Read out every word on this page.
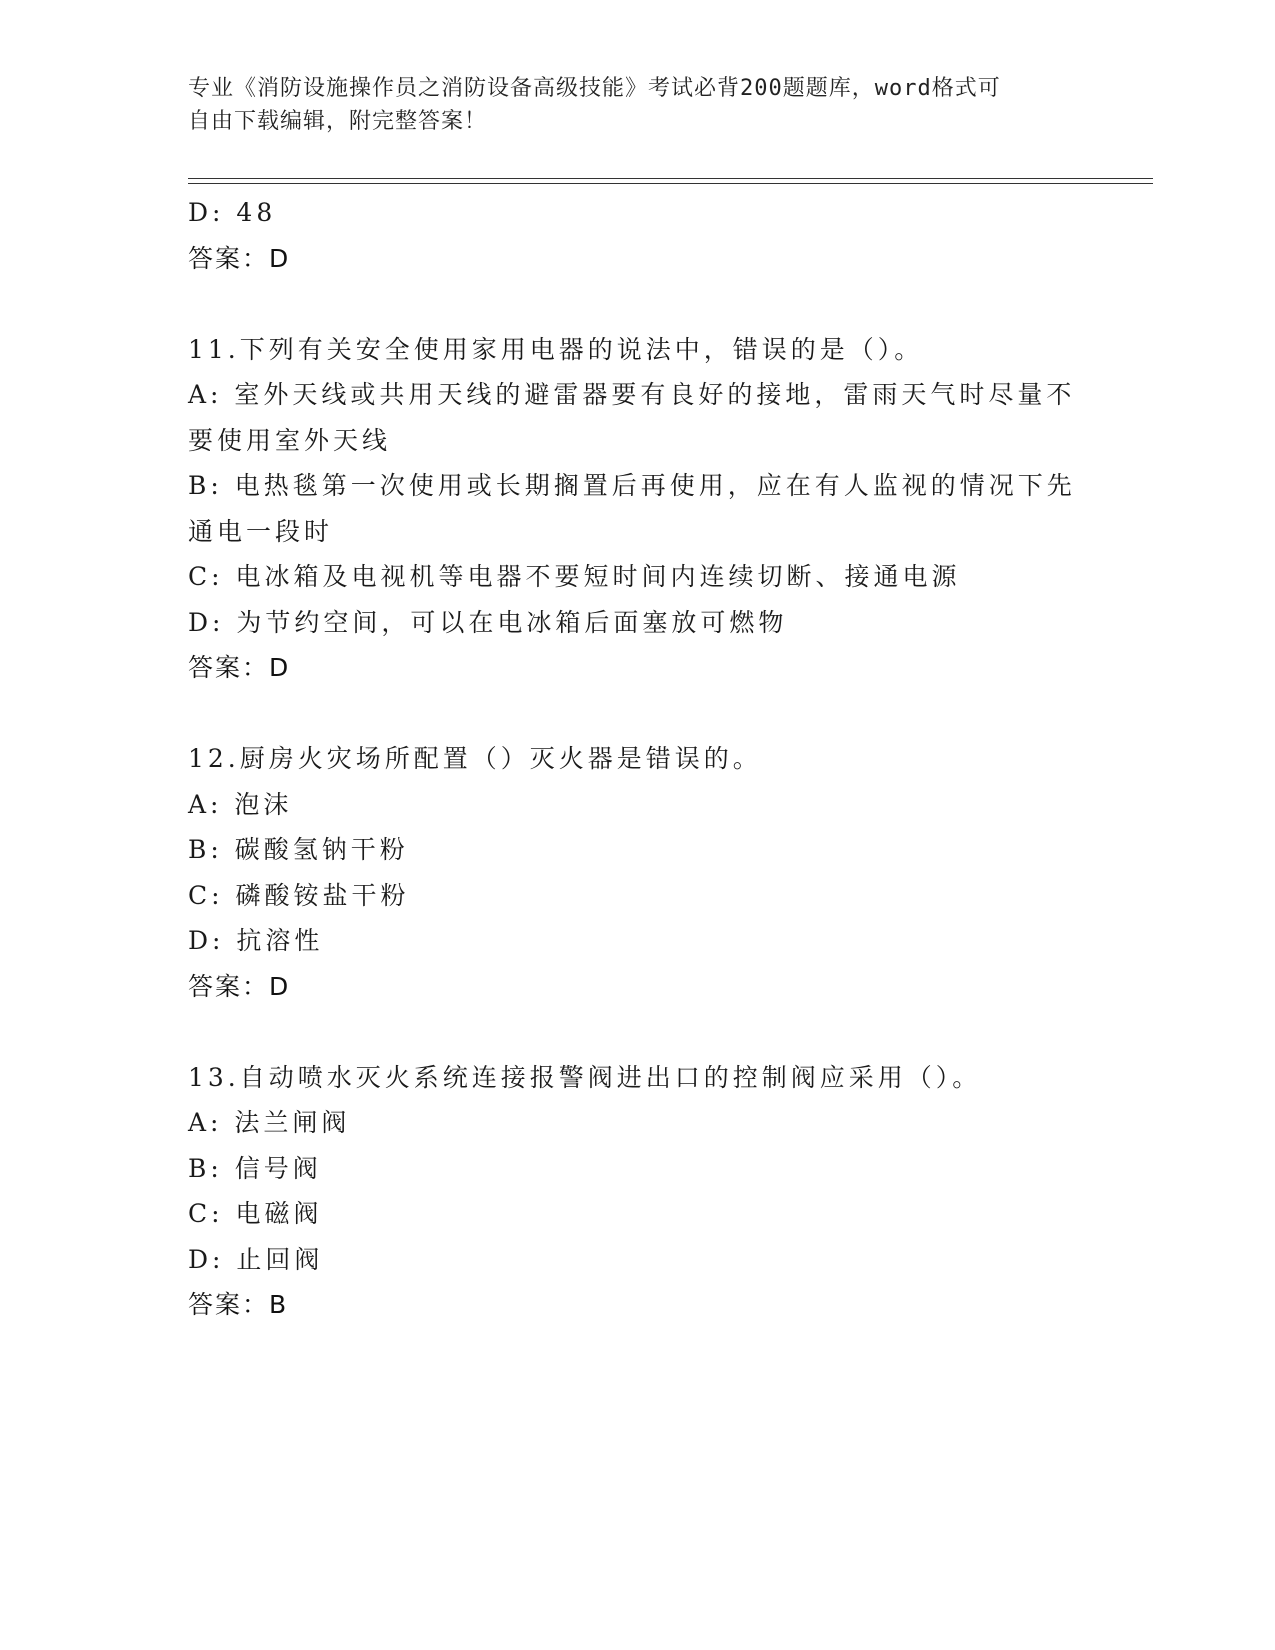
专业《消防设施操作员之消防设备高级技能》考试必背200题题库，word格式可
自由下载编辑，附完整答案！
D: 48
答案：D
11.下列有关安全使用家用电器的说法中，错误的是（）。
A: 室外天线或共用天线的避雷器要有良好的接地，雷雨天气时尽量不
要使用室外天线
B: 电热毯第一次使用或长期搁置后再使用，应在有人监视的情况下先
通电一段时
C: 电冰箱及电视机等电器不要短时间内连续切断、接通电源
D: 为节约空间，可以在电冰箱后面塞放可燃物
答案：D
12.厨房火灾场所配置（）灭火器是错误的。
A: 泡沫
B: 碳酸氢钠干粉
C: 磷酸铵盐干粉
D: 抗溶性
答案：D
13.自动喷水灭火系统连接报警阀进出口的控制阀应采用（）。
A: 法兰闸阀
B: 信号阀
C: 电磁阀
D: 止回阀
答案：B
